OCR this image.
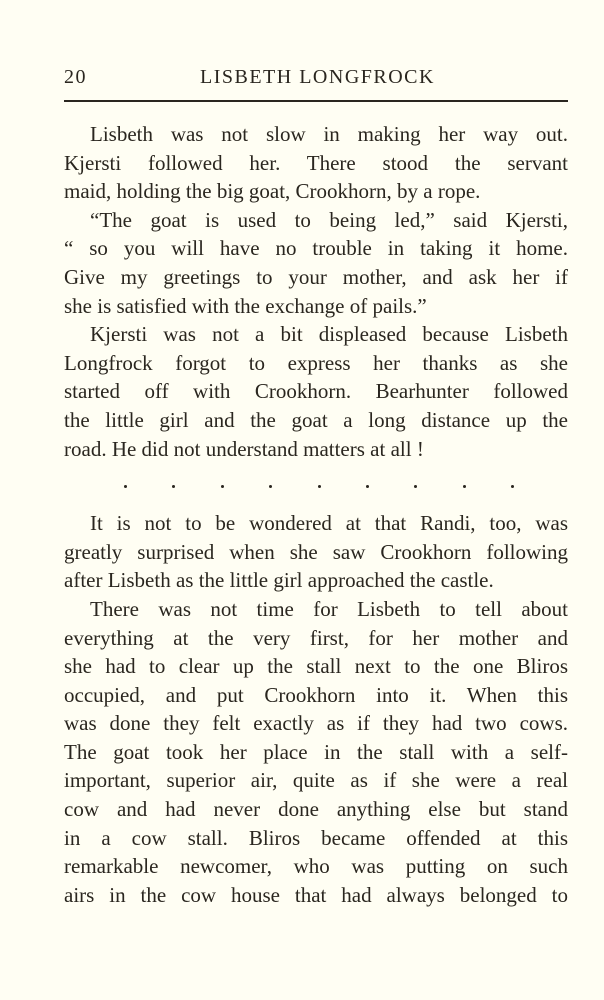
20	LISBETH LONGFROCK
Lisbeth was not slow in making her way out.
Kjersti followed her. There stood the servant
maid, holding the big goat, Crookhorn, by a rope.
“The goat is used to being led,” said Kjersti,
“ so you will have no trouble in taking it home.
Give my greetings to your mother, and ask her if
she is satisfied with the exchange of pails.”
Kjersti was not a bit displeased because Lisbeth
Longfrock forgot to express her thanks as she
started off with Crookhorn. Bearhunter followed
the little girl and the goat a long distance up the
road. He did not understand matters at all !
It is not to be wondered at that Randi, too, was
greatly surprised when she saw Crookhorn following
after Lisbeth as the little girl approached the castle.
There was not time for Lisbeth to tell about
everything at the very first, for her mother and
she had to clear up the stall next to the one Bliros
occupied, and put Crookhorn into it. When this
was done they felt exactly as if they had two cows.
The goat took her place in the stall with a self-
important, superior air, quite as if she were a real
cow and had never done anything else but stand
in a cow stall. Bliros became offended at this
remarkable newcomer, who was putting on such
airs in the cow house that had always belonged to
